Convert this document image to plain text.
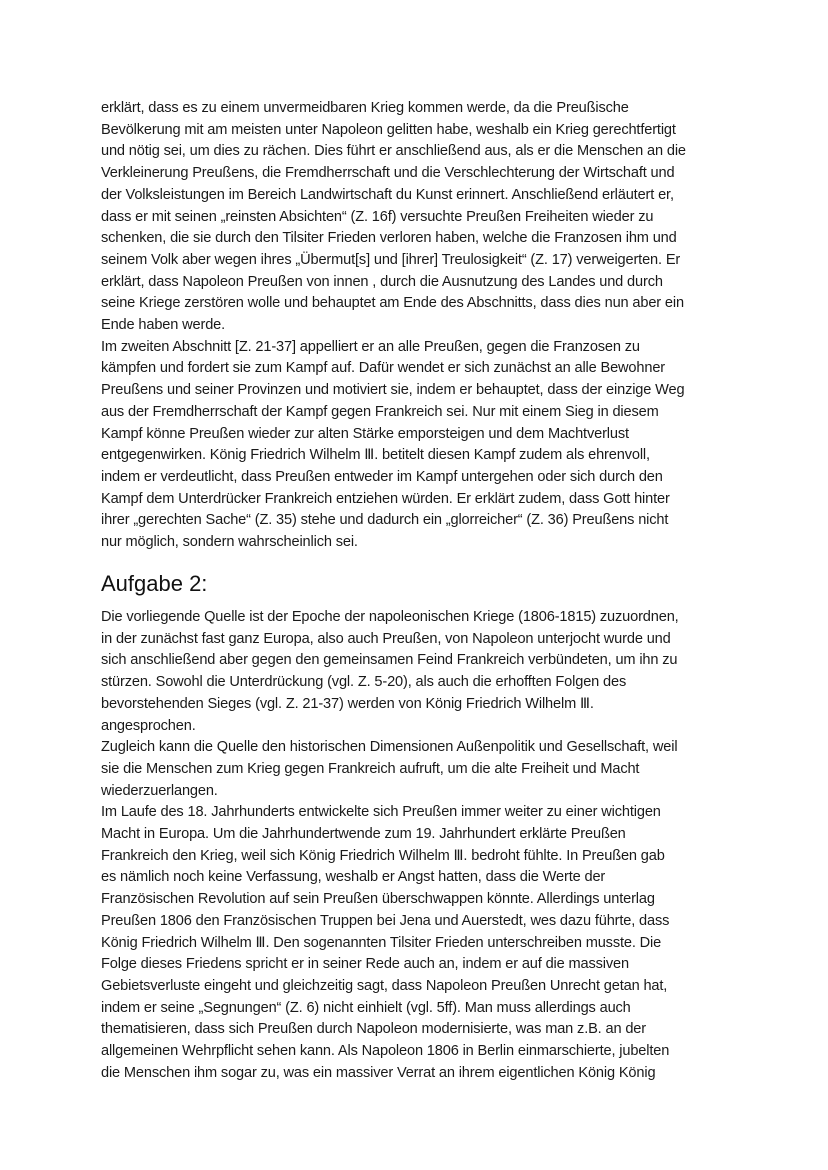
erklärt, dass es zu einem unvermeidbaren Krieg kommen werde, da die Preußische
Bevölkerung mit am meisten unter Napoleon gelitten habe, weshalb ein Krieg gerechtfertigt
und nötig sei, um dies zu rächen. Dies führt er anschließend aus, als er die Menschen an die
Verkleinerung Preußens, die Fremdherrschaft und die Verschlechterung der Wirtschaft und
der Volksleistungen im Bereich Landwirtschaft du Kunst erinnert. Anschließend erläutert er,
dass er mit seinen „reinsten Absichten“ (Z. 16f) versuchte Preußen Freiheiten wieder zu
schenken, die sie durch den Tilsiter Frieden verloren haben, welche die Franzosen ihm und
seinem Volk aber wegen ihres „Übermut[s] und [ihrer] Treulosigkeit“ (Z. 17) verweigerten. Er
erklärt, dass Napoleon Preußen von innen , durch die Ausnutzung des Landes und durch
seine Kriege zerstören wolle und behauptet am Ende des Abschnitts, dass dies nun aber ein
Ende haben werde.
Im zweiten Abschnitt [Z. 21-37] appelliert er an alle Preußen, gegen die Franzosen zu
kämpfen und fordert sie zum Kampf auf. Dafür wendet er sich zunächst an alle Bewohner
Preußens und seiner Provinzen und motiviert sie, indem er behauptet, dass der einzige Weg
aus der Fremdherrschaft der Kampf gegen Frankreich sei. Nur mit einem Sieg in diesem
Kampf könne Preußen wieder zur alten Stärke emporsteigen und dem Machtverlust
entgegenwirken. König Friedrich Wilhelm Ⅲ. betitelt diesen Kampf zudem als ehrenvoll,
indem er verdeutlicht, dass Preußen entweder im Kampf untergehen oder sich durch den
Kampf dem Unterdrücker Frankreich entziehen würden. Er erklärt zudem, dass Gott hinter
ihrer „gerechten Sache“ (Z. 35) stehe und dadurch ein „glorreicher“ (Z. 36) Preußens nicht
nur möglich, sondern wahrscheinlich sei.
Aufgabe 2:
Die vorliegende Quelle ist der Epoche der napoleonischen Kriege (1806-1815) zuzuordnen,
in der zunächst fast ganz Europa, also auch Preußen, von Napoleon unterjocht wurde und
sich anschließend aber gegen den gemeinsamen Feind Frankreich verbündeten, um ihn zu
stürzen. Sowohl die Unterdrückung (vgl. Z. 5-20), als auch die erhofften Folgen des
bevorstehenden Sieges (vgl. Z. 21-37) werden von König Friedrich Wilhelm Ⅲ.
angesprochen.
Zugleich kann die Quelle den historischen Dimensionen Außenpolitik und Gesellschaft, weil
sie die Menschen zum Krieg gegen Frankreich aufruft, um die alte Freiheit und Macht
wiederzuerlangen.
Im Laufe des 18. Jahrhunderts entwickelte sich Preußen immer weiter zu einer wichtigen
Macht in Europa. Um die Jahrhundertwende zum 19. Jahrhundert erklärte Preußen
Frankreich den Krieg, weil sich König Friedrich Wilhelm Ⅲ. bedroht fühlte. In Preußen gab
es nämlich noch keine Verfassung, weshalb er Angst hatten, dass die Werte der
Französischen Revolution auf sein Preußen überschwappen könnte. Allerdings unterlag
Preußen 1806 den Französischen Truppen bei Jena und Auerstedt, wes dazu führte, dass
König Friedrich Wilhelm Ⅲ. Den sogenannten Tilsiter Frieden unterschreiben musste. Die
Folge dieses Friedens spricht er in seiner Rede auch an, indem er auf die massiven
Gebietsverluste eingeht und gleichzeitig sagt, dass Napoleon Preußen Unrecht getan hat,
indem er seine „Segnungen“ (Z. 6) nicht einhielt (vgl. 5ff). Man muss allerdings auch
thematisieren, dass sich Preußen durch Napoleon modernisierte, was man z.B. an der
allgemeinen Wehrpflicht sehen kann. Als Napoleon 1806 in Berlin einmarschierte, jubelten
die Menschen ihm sogar zu, was ein massiver Verrat an ihrem eigentlichen König König
